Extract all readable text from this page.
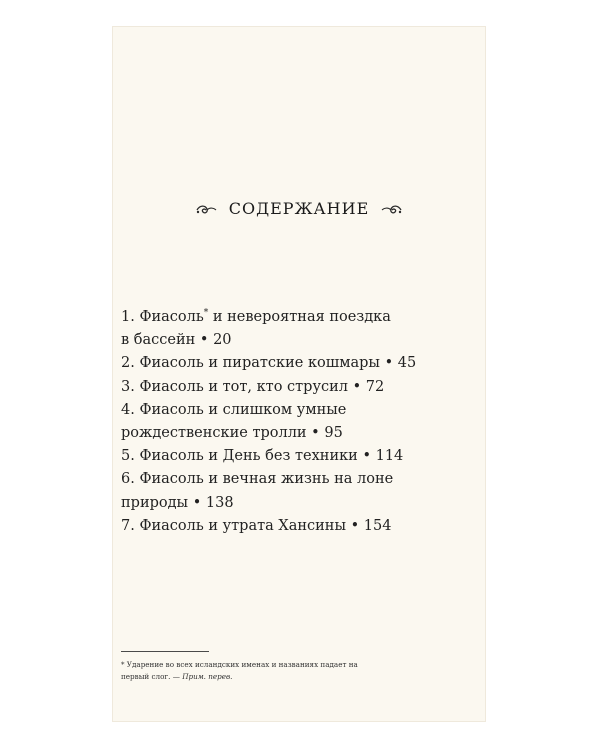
СОДЕРЖАНИЕ
1. Фиасоль* и невероятная поездка
в бассейн • 20
2. Фиасоль и пиратские кошмары • 45
3. Фиасоль и тот, кто струсил • 72
4. Фиасоль и слишком умные
рождественские тролли • 95
5. Фиасоль и День без техники • 114
6. Фиасоль и вечная жизнь на лоне
природы • 138
7. Фиасоль и утрата Хансины • 154
* Ударение во всех исландских именах и названиях падает на первый слог. — Прим. перев.
